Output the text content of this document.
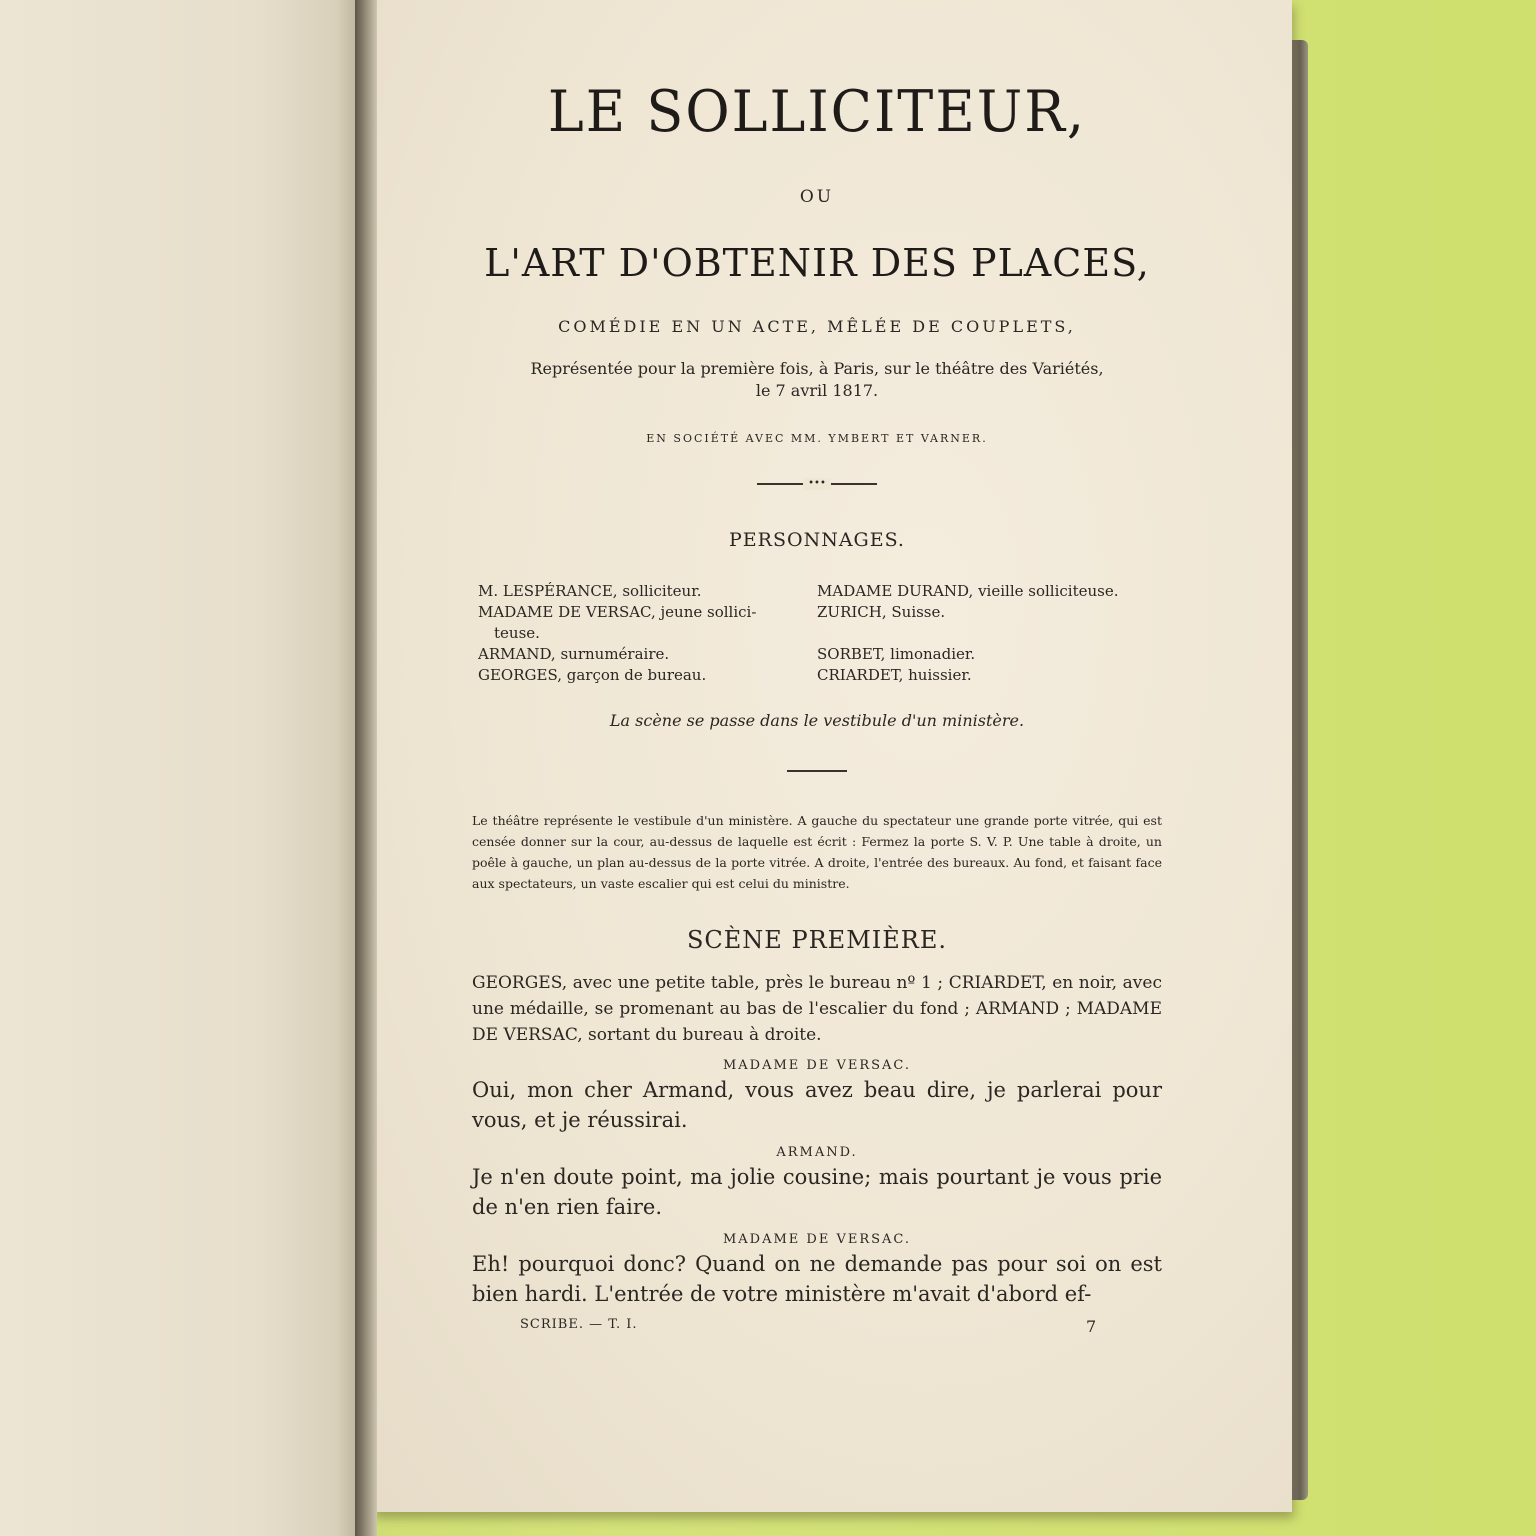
LE SOLLICITEUR,
OU
L'ART D'OBTENIR DES PLACES,
COMÉDIE EN UN ACTE, MÊLÉE DE COUPLETS,
Représentée pour la première fois, à Paris, sur le théâtre des Variétés,
le 7 avril 1817.
EN SOCIÉTÉ AVEC MM. YMBERT ET VARNER.
•••
PERSONNAGES.
M. LESPÉRANCE, solliciteur.
MADAME DE VERSAC, jeune sollici-
teuse.
ARMAND, surnuméraire.
GEORGES, garçon de bureau.
MADAME DURAND, vieille solliciteuse.
ZURICH, Suisse.

SORBET, limonadier.
CRIARDET, huissier.
La scène se passe dans le vestibule d'un ministère.
Le théâtre représente le vestibule d'un ministère. A gauche du spectateur une grande porte vitrée, qui est censée donner sur la cour, au-dessus de laquelle est écrit : Fermez la porte S. V. P. Une table à droite, un poêle à gauche, un plan au-dessus de la porte vitrée. A droite, l'entrée des bureaux. Au fond, et faisant face aux spectateurs, un vaste escalier qui est celui du ministre.
SCÈNE PREMIÈRE.
GEORGES, avec une petite table, près le bureau nº 1 ; CRIARDET, en noir, avec une médaille, se promenant au bas de l'escalier du fond ; ARMAND ; MADAME DE VERSAC, sortant du bureau à droite.
MADAME DE VERSAC.
Oui, mon cher Armand, vous avez beau dire, je parlerai pour vous, et je réussirai.
ARMAND.
Je n'en doute point, ma jolie cousine; mais pourtant je vous prie de n'en rien faire.
MADAME DE VERSAC.
Eh! pourquoi donc? Quand on ne demande pas pour soi on est bien hardi. L'entrée de votre ministère m'avait d'abord ef-
SCRIBE. — T. I.	7
